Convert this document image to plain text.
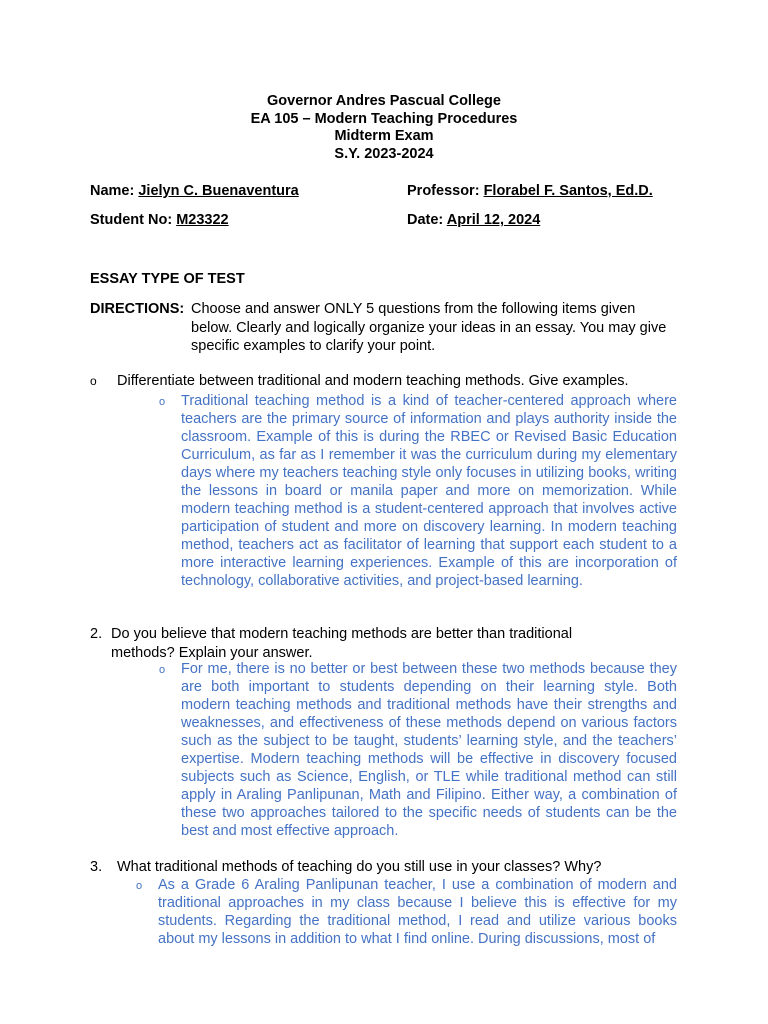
Governor Andres Pascual College
EA 105 – Modern Teaching Procedures
Midterm Exam
S.Y. 2023-2024
Name: Jielyn C. Buenaventura	Professor: Florabel F. Santos, Ed.D.
Student No: M23322	Date: April 12, 2024
ESSAY TYPE OF TEST
DIRECTIONS: Choose and answer ONLY 5 questions from the following items given below. Clearly and logically organize your ideas in an essay. You may give specific examples to clarify your point.
o Differentiate between traditional and modern teaching methods. Give examples.
o Traditional teaching method is a kind of teacher-centered approach where teachers are the primary source of information and plays authority inside the classroom. Example of this is during the RBEC or Revised Basic Education Curriculum, as far as I remember it was the curriculum during my elementary days where my teachers teaching style only focuses in utilizing books, writing the lessons in board or manila paper and more on memorization. While modern teaching method is a student-centered approach that involves active participation of student and more on discovery learning. In modern teaching method, teachers act as facilitator of learning that support each student to a more interactive learning experiences. Example of this are incorporation of technology, collaborative activities, and project-based learning.
2. Do you believe that modern teaching methods are better than traditional methods? Explain your answer.
o For me, there is no better or best between these two methods because they are both important to students depending on their learning style. Both modern teaching methods and traditional methods have their strengths and weaknesses, and effectiveness of these methods depend on various factors such as the subject to be taught, students’ learning style, and the teachers’ expertise. Modern teaching methods will be effective in discovery focused subjects such as Science, English, or TLE while traditional method can still apply in Araling Panlipunan, Math and Filipino. Either way, a combination of these two approaches tailored to the specific needs of students can be the best and most effective approach.
3. What traditional methods of teaching do you still use in your classes? Why?
o As a Grade 6 Araling Panlipunan teacher, I use a combination of modern and traditional approaches in my class because I believe this is effective for my students. Regarding the traditional method, I read and utilize various books about my lessons in addition to what I find online. During discussions, most of
